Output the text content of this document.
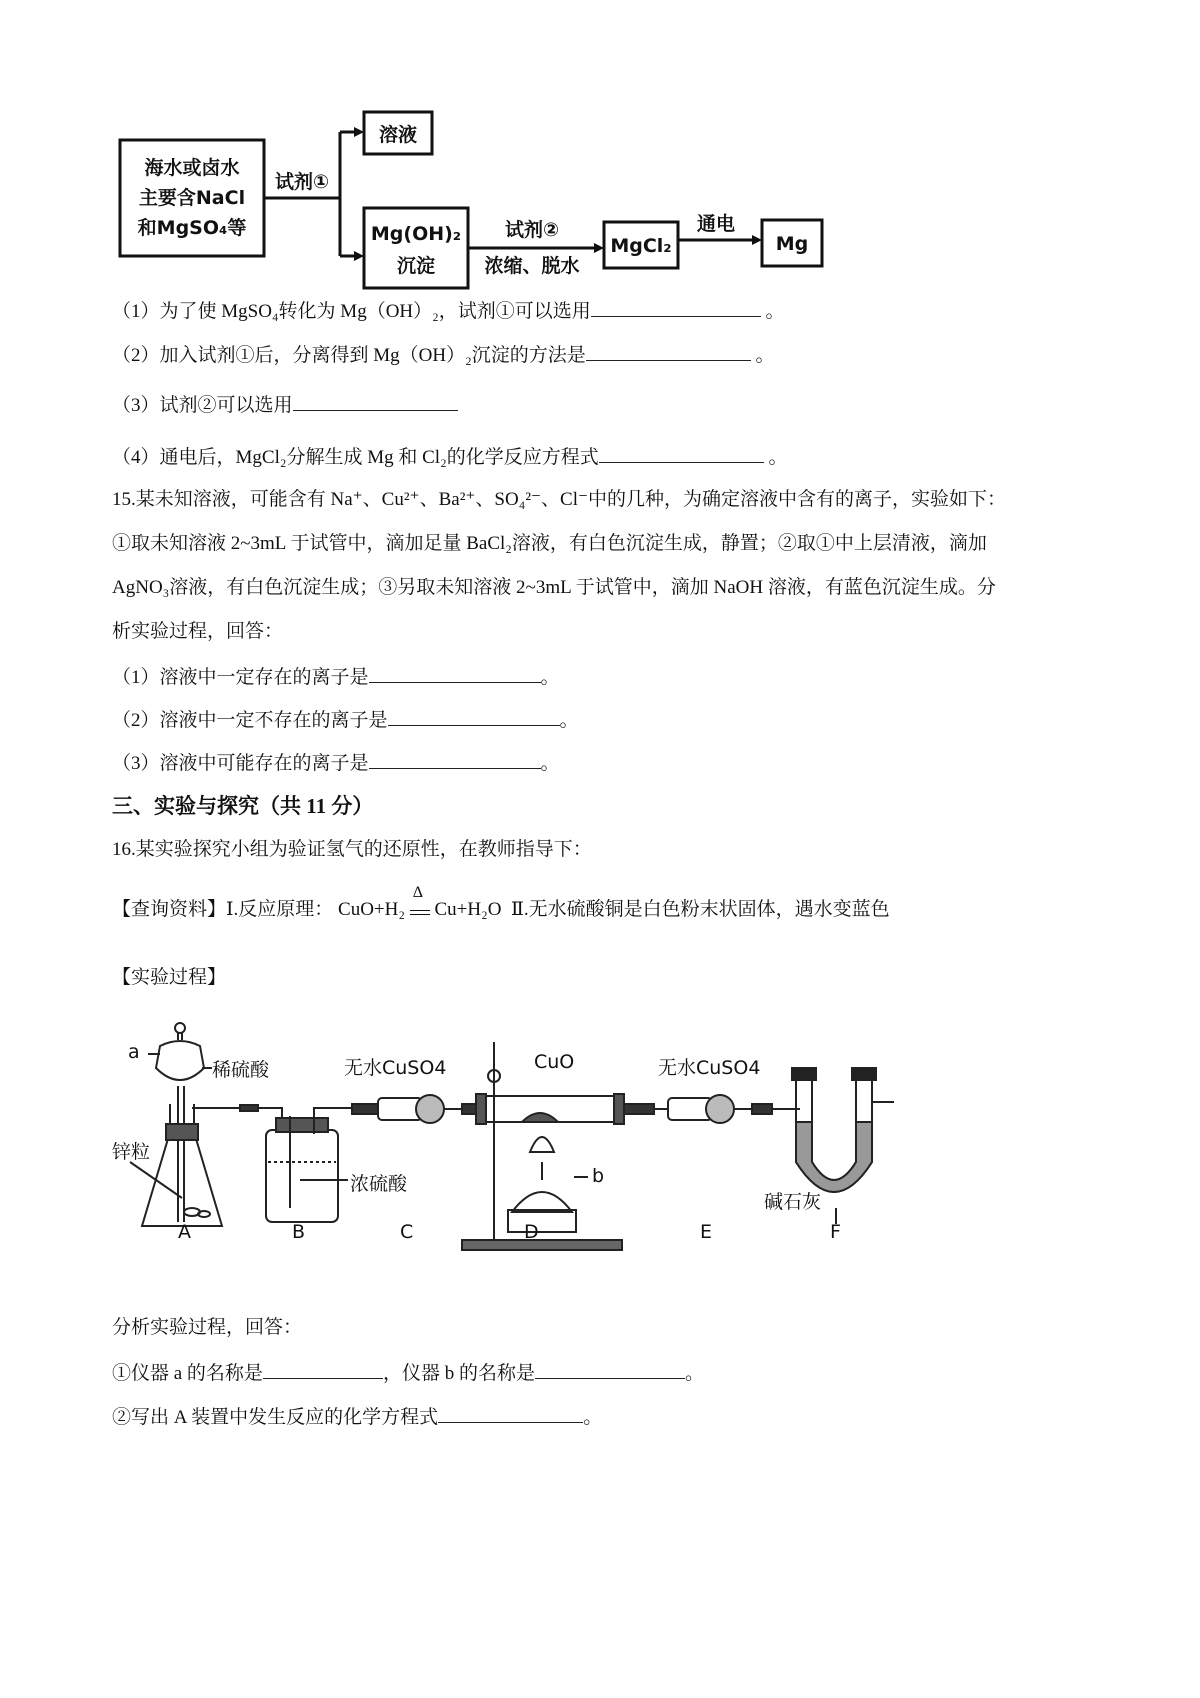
海水或卤水
主要含NaCl
和MgSO₄等
试剂①
溶液
Mg(OH)₂
沉淀
试剂②
浓缩、脱水
MgCl₂
通电
Mg
（1）为了使 MgSO₄转化为 Mg（OH）₂，试剂①可以选用	。
（2）加入试剂①后，分离得到 Mg（OH）₂沉淀的方法是	。
（3）试剂②可以选用
（4）通电后，MgCl₂分解生成 Mg 和 Cl₂的化学反应方程式	。
15.某未知溶液，可能含有 Na⁺、Cu²⁺、Ba²⁺、SO₄²⁻、Cl⁻中的几种，为确定溶液中含有的离子，实验如下：
①取未知溶液 2~3mL 于试管中，滴加足量 BaCl₂溶液，有白色沉淀生成，静置；②取①中上层清液，滴加
AgNO₃溶液，有白色沉淀生成；③另取未知溶液 2~3mL 于试管中，滴加 NaOH 溶液，有蓝色沉淀生成。分
析实验过程，回答：
（1）溶液中一定存在的离子是	。
（2）溶液中一定不存在的离子是	。
（3）溶液中可能存在的离子是	。
三、实验与探究（共 11 分）
16.某实验探究小组为验证氢气的还原性，在教师指导下：
【查询资料】Ⅰ.反应原理： CuO+H₂
Δ
Cu+H₂O Ⅱ.无水硫酸铜是白色粉末状固体，遇水变蓝色
【实验过程】
a
稀硫酸
锌粒
浓硫酸
无水CuSO4	CuO
b
无水CuSO4
碱石灰
A	B	C	D	E	F
分析实验过程，回答：
①仪器 a 的名称是	，仪器 b 的名称是	。
②写出 A 装置中发生反应的化学方程式	。
